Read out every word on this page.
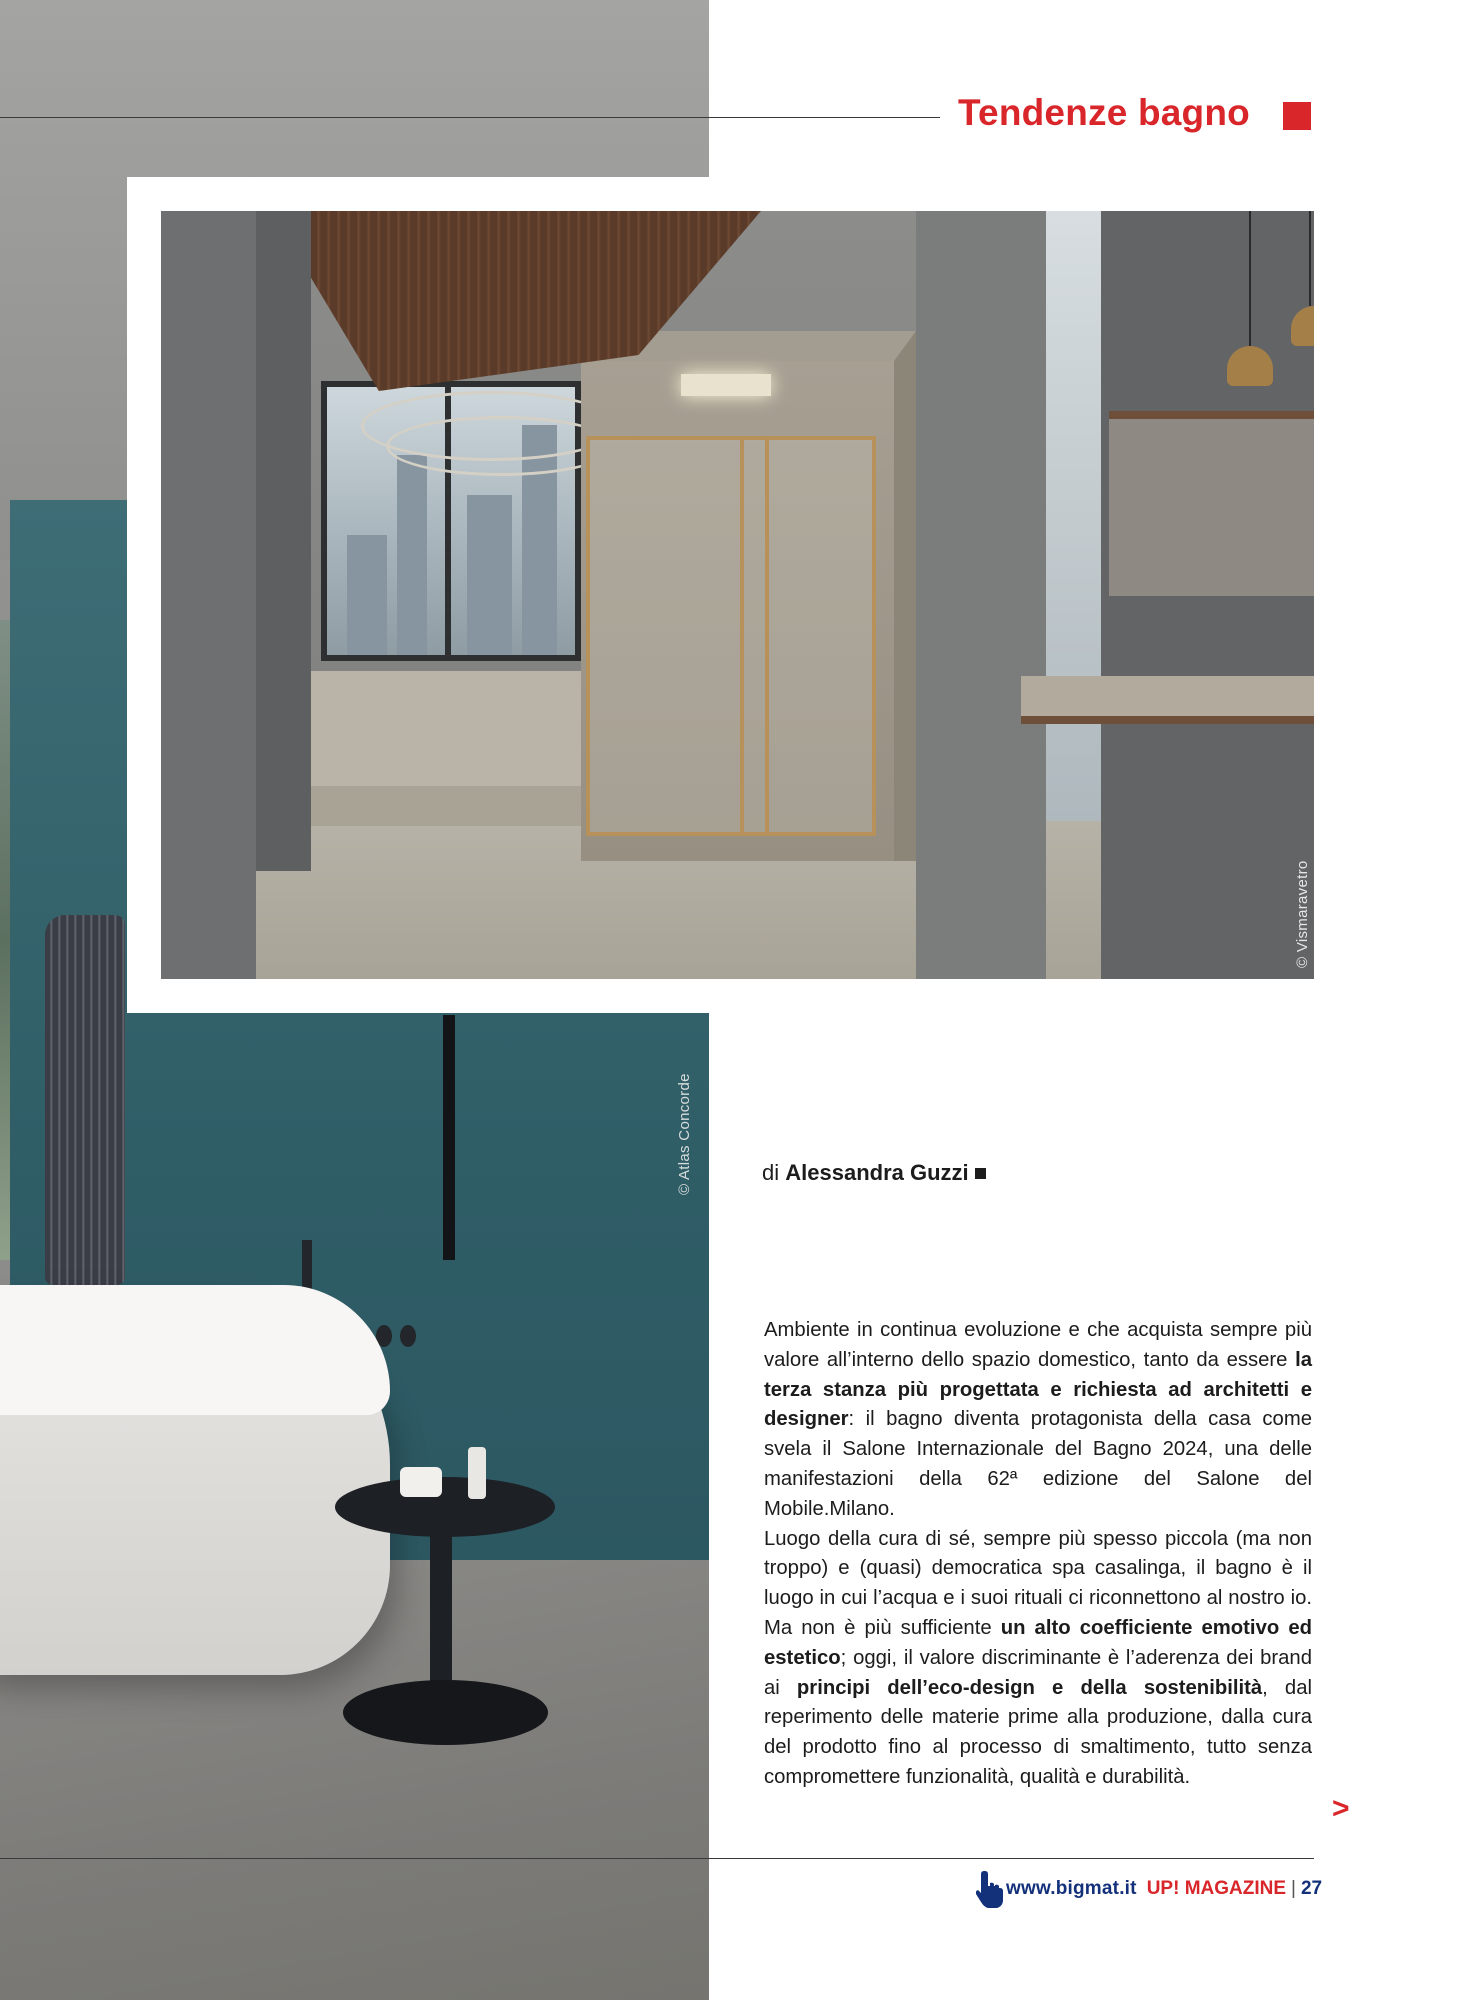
© Atlas Concorde
Tendenze bagno
© Vismaravetro
di Alessandra Guzzi

Ambiente in continua evoluzione e che acquista sempre più valore all’interno dello spazio domestico, tanto da essere la terza stanza più progettata e richiesta ad architetti e designer: il bagno diventa protagonista della casa come svela il Salone Internazionale del Bagno 2024, una delle manifestazioni della 62ª edizione del Salone del Mobile.Milano.

Luogo della cura di sé, sempre più spesso piccola (ma non troppo) e (quasi) democratica spa casalinga, il bagno è il luogo in cui l’acqua e i suoi rituali ci riconnettono al nostro io. Ma non è più sufficiente un alto coefficiente emotivo ed estetico; oggi, il valore discriminante è l’aderenza dei brand ai principi dell’eco-design e della sostenibilità, dal reperimento delle materie prime alla produzione, dalla cura del prodotto fino al processo di smaltimento, tutto senza compromettere funzionalità, qualità e durabilità.

>
www.bigmat.it UP! MAGAZINE | 27
